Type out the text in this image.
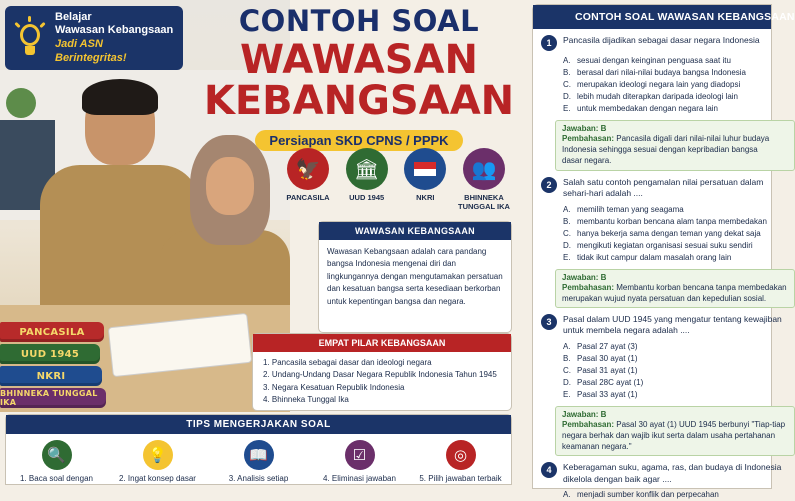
PANCASILA
UUD 1945
NKRI
BHINNEKA TUNGGAL IKA
Belajar
Wawasan Kebangsaan
Jadi ASN Berintegritas!
CONTOH SOAL
WAWASAN
KEBANGSAAN
Persiapan SKD CPNS / PPPK
🦅
PANCASILA
🏛
UUD 1945	NKRI
👥
BHINNEKA TUNGGAL IKA
WAWASAN KEBANGSAAN
Wawasan Kebangsaan adalah cara pandang bangsa Indonesia mengenai diri dan lingkungannya dengan mengutamakan persatuan dan kesatuan bangsa serta kesediaan berkorban untuk kepentingan bangsa dan negara.
EMPAT PILAR KEBANGSAAN
1. Pancasila sebagai dasar dan ideologi negara
2. Undang-Undang Dasar Negara Republik Indonesia Tahun 1945
3. Negara Kesatuan Republik Indonesia
4. Bhinneka Tunggal Ika
TIPS MENGERJAKAN SOAL
🔍
1. Baca soal dengan
💡
2. Ingat konsep dasar
📖
3. Analisis setiap
☑
4. Eliminasi jawaban
◎
5. Pilih jawaban terbaik
CONTOH SOAL WAWASAN KEBANGSAAN
1	Pancasila dijadikan sebagai dasar negara Indonesia
A. sesuai dengan keinginan penguasa saat itu
B. berasal dari nilai-nilai budaya bangsa Indonesia
C. merupakan ideologi negara lain yang diadopsi
D. lebih mudah diterapkan daripada ideologi lain
E. untuk membedakan dengan negara lain
Jawaban: B
Pembahasan: Pancasila digali dari nilai-nilai luhur budaya
Indonesia sehingga sesuai dengan kepribadian bangsa
dasar negara.
2	Salah satu contoh pengamalan nilai persatuan dalam
sehari-hari adalah ....
A. memilih teman yang seagama
B. membantu korban bencana alam tanpa membedakan
C. hanya bekerja sama dengan teman yang dekat saja
D. mengikuti kegiatan organisasi sesuai suku sendiri
E. tidak ikut campur dalam masalah orang lain
Jawaban: B
Pembahasan: Membantu korban bencana tanpa membedakan
merupakan wujud nyata persatuan dan kepedulian sosial.
3	Pasal dalam UUD 1945 yang mengatur tentang kewajiban
untuk membela negara adalah ....
A. Pasal 27 ayat (3)
B. Pasal 30 ayat (1)
C. Pasal 31 ayat (1)
D. Pasal 28C ayat (1)
E. Pasal 33 ayat (1)
Jawaban: B
Pembahasan: Pasal 30 ayat (1) UUD 1945 berbunyi "Tiap-tiap
negara berhak dan wajib ikut serta dalam usaha pertahanan
keamanan negara."
4	Keberagaman suku, agama, ras, dan budaya di Indonesia
dikelola dengan baik agar ....
A. menjadi sumber konflik dan perpecahan
